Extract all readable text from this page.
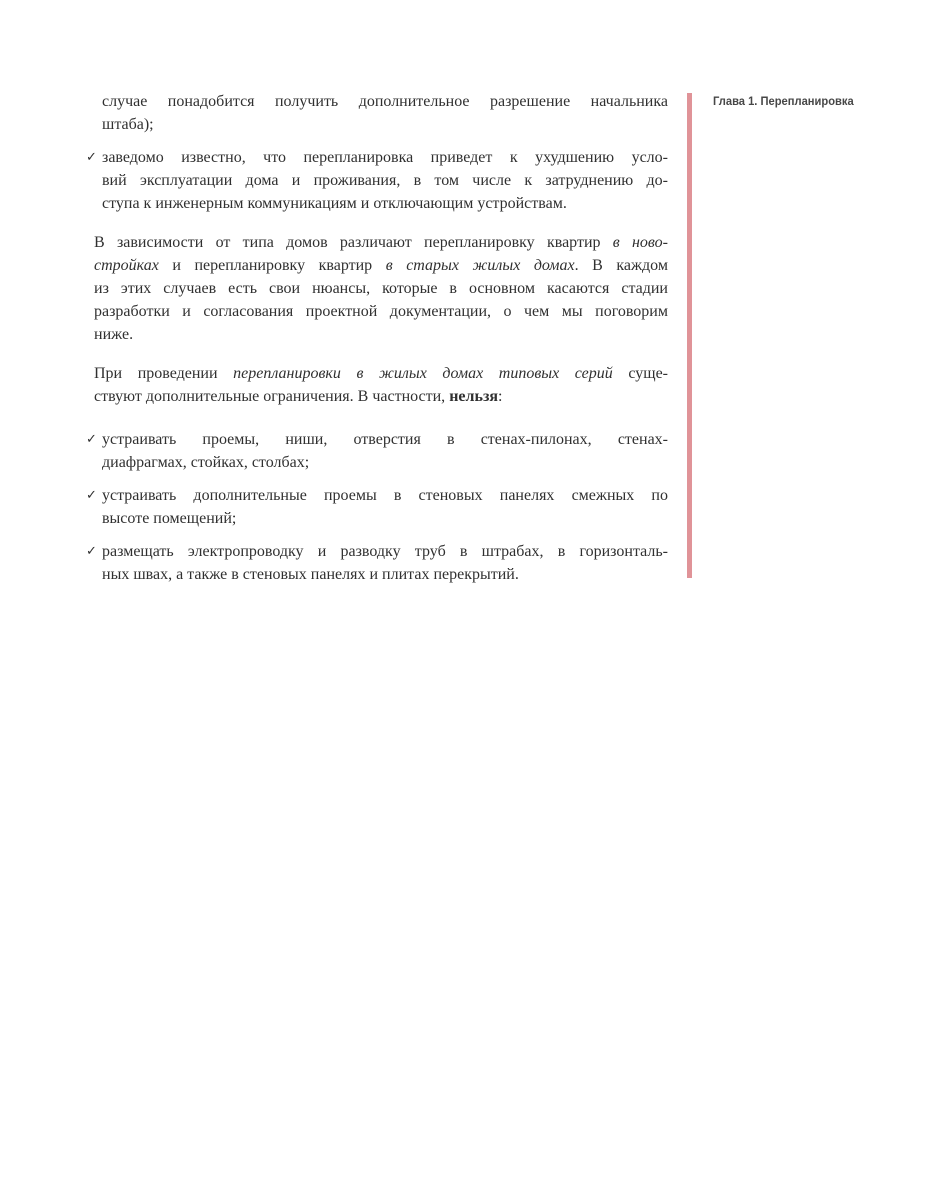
случае понадобится получить дополнительное разрешение начальника
штаба);
✓ заведомо известно, что перепланировка приведет к ухудшению усло-
вий эксплуатации дома и проживания, в том числе к затруднению до-
ступа к инженерным коммуникациям и отключающим устройствам.
В зависимости от типа домов различают перепланировку квартир в ново-
стройках и перепланировку квартир в старых жилых домах. В каждом
из этих случаев есть свои нюансы, которые в основном касаются стадии
разработки и согласования проектной документации, о чем мы поговорим
ниже.
При проведении перепланировки в жилых домах типовых серий суще-
ствуют дополнительные ограничения. В частности, нельзя:
✓ устраивать проемы, ниши, отверстия в стенах-пилонах, стенах-
диафрагмах, стойках, столбах;
✓ устраивать дополнительные проемы в стеновых панелях смежных по
высоте помещений;
✓ размещать электропроводку и разводку труб в штрабах, в горизонталь-
ных швах, а также в стеновых панелях и плитах перекрытий.
Глава 1. Перепланировка
